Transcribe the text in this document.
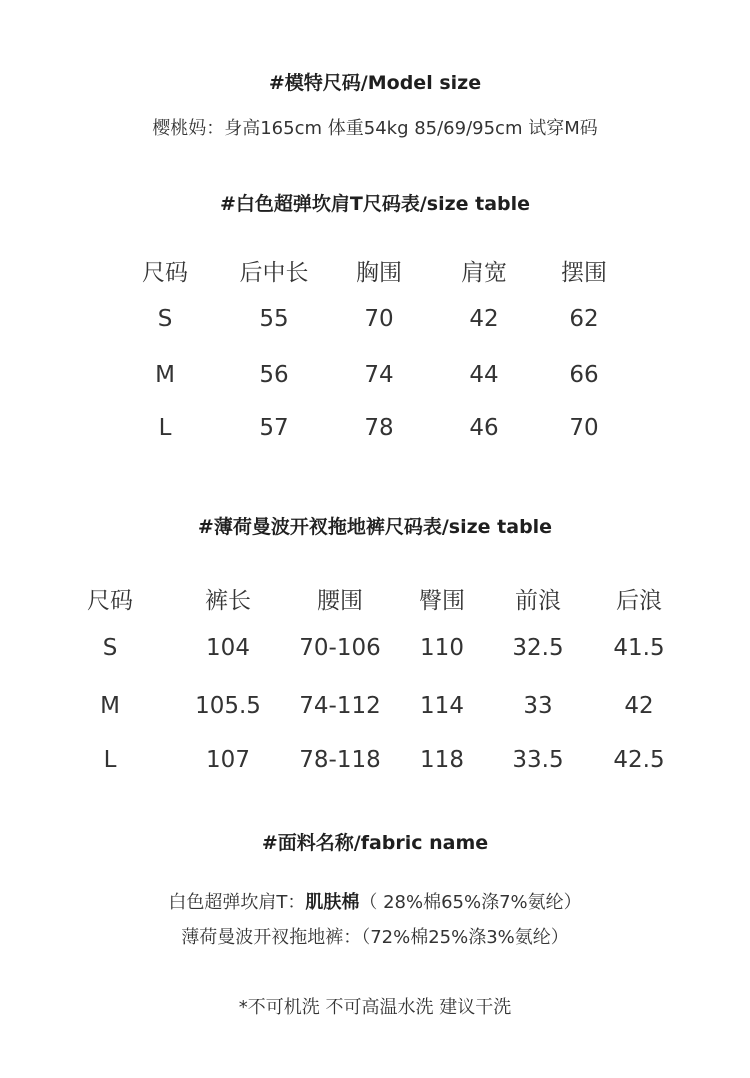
#模特尺码/Model size
樱桃妈：身高165cm 体重54kg 85/69/95cm 试穿M码
#白色超弹坎肩T尺码表/size table
尺码 后中长 胸围	肩宽 摆围
S	55	70	42	62
M	56	74	44	66
L	57	78	46	70
#薄荷曼波开衩拖地裤尺码表/size table
尺码	裤长	腰围 臀围 前浪 后浪
S	104 70-106 110 32.5 41.5
M	105.5 74-112 114	33	42
L	107 78-118 118 33.5 42.5
#面料名称/fabric name
白色超弹坎肩T：肌肤棉（ 28%棉65%涤7%氨纶）
薄荷曼波开衩拖地裤：（72%棉25%涤3%氨纶）
*不可机洗 不可高温水洗 建议干洗
